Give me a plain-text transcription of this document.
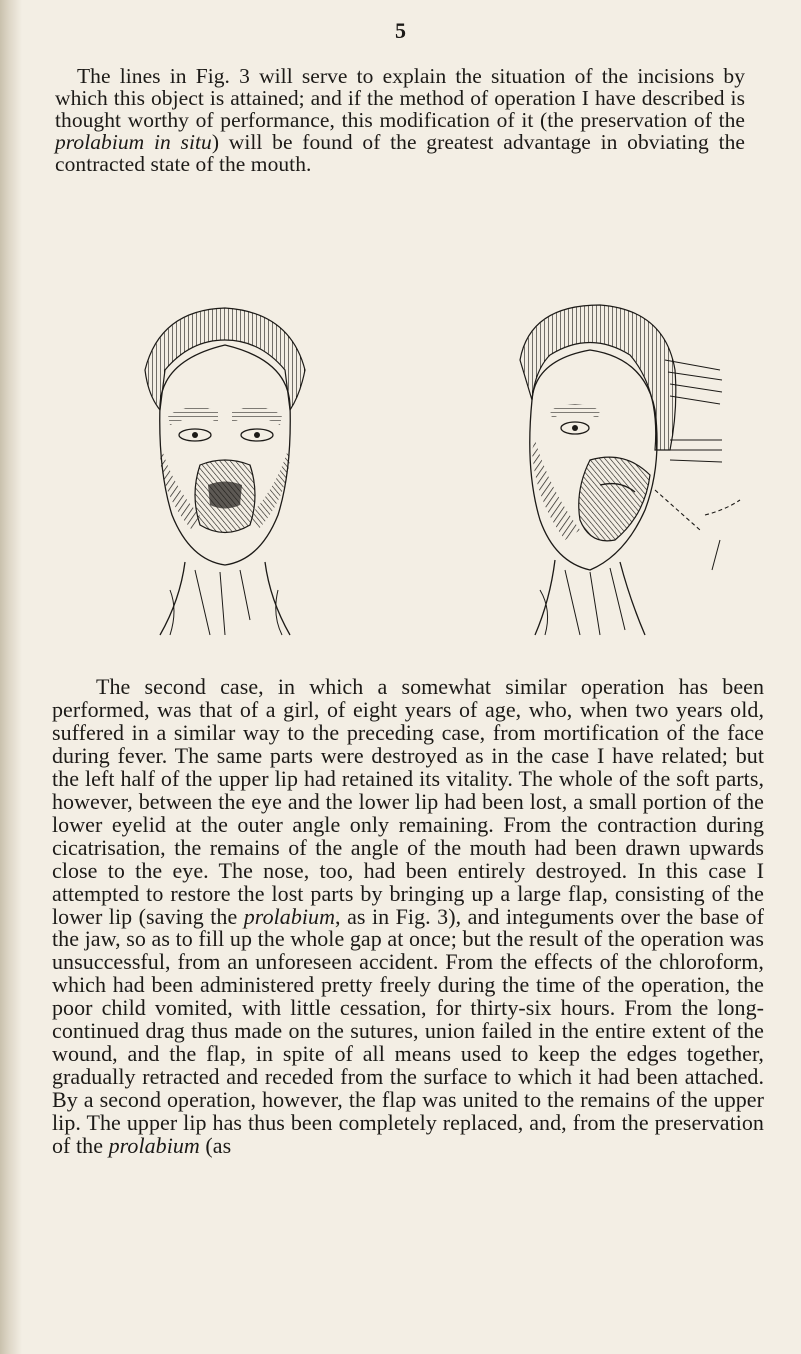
5

The lines in Fig. 3 will serve to explain the situation of the incisions by which this object is attained; and if the method of operation I have described is thought worthy of performance, this modification of it (the preservation of the prolabium in situ) will be found of the greatest advantage in obviating the contracted state of the mouth.

The second case, in which a somewhat similar operation has been performed, was that of a girl, of eight years of age, who, when two years old, suffered in a similar way to the preceding case, from mortification of the face during fever. The same parts were destroyed as in the case I have related; but the left half of the upper lip had retained its vitality. The whole of the soft parts, however, between the eye and the lower lip had been lost, a small portion of the lower eyelid at the outer angle only remaining. From the contraction during cicatrisation, the remains of the angle of the mouth had been drawn upwards close to the eye. The nose, too, had been entirely destroyed. In this case I attempted to restore the lost parts by bringing up a large flap, consisting of the lower lip (saving the prolabium, as in Fig. 3), and integuments over the base of the jaw, so as to fill up the whole gap at once; but the result of the operation was unsuccessful, from an unforeseen accident. From the effects of the chloroform, which had been administered pretty freely during the time of the operation, the poor child vomited, with little cessation, for thirty-six hours. From the long-continued drag thus made on the sutures, union failed in the entire extent of the wound, and the flap, in spite of all means used to keep the edges together, gradually retracted and receded from the surface to which it had been attached. By a second operation, however, the flap was united to the remains of the upper lip. The upper lip has thus been completely replaced, and, from the preservation of the prolabium (as
